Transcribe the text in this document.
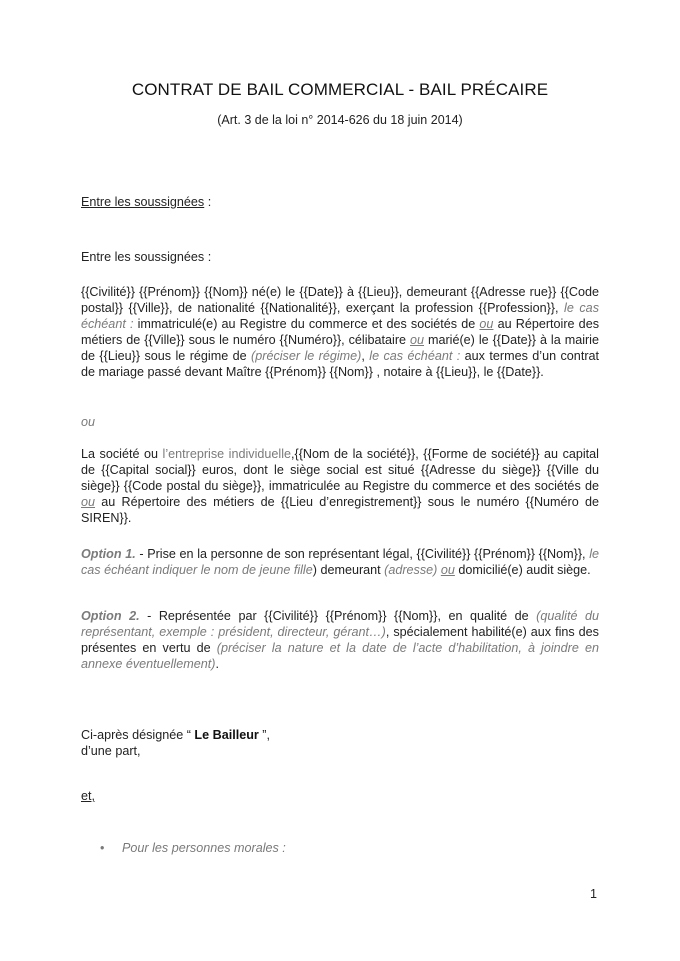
CONTRAT DE BAIL COMMERCIAL - BAIL PRÉCAIRE
(Art. 3 de la loi n° 2014-626 du 18 juin 2014)
Entre les soussignées :
Entre les soussignées :
{{Civilité}} {{Prénom}} {{Nom}} né(e) le {{Date}} à {{Lieu}}, demeurant {{Adresse rue}} {{Code postal}} {{Ville}}, de nationalité {{Nationalité}}, exerçant la profession {{Profession}}, le cas échéant : immatriculé(e) au Registre du commerce et des sociétés de ou au Répertoire des métiers de {{Ville}} sous le numéro {{Numéro}}, célibataire ou marié(e) le {{Date}} à la mairie de {{Lieu}} sous le régime de (préciser le régime), le cas échéant : aux termes d’un contrat de mariage passé devant Maître {{Prénom}} {{Nom}} , notaire à {{Lieu}}, le {{Date}}.
ou
La société ou l’entreprise individuelle,{{Nom de la société}}, {{Forme de société}} au capital de {{Capital social}} euros, dont le siège social est situé {{Adresse du siège}} {{Ville du siège}} {{Code postal du siège}}, immatriculée au Registre du commerce et des sociétés de ou au Répertoire des métiers de {{Lieu d’enregistrement}} sous le numéro {{Numéro de SIREN}}.
Option 1. - Prise en la personne de son représentant légal, {{Civilité}} {{Prénom}} {{Nom}}, le cas échéant indiquer le nom de jeune fille) demeurant (adresse) ou domicilié(e) audit siège.
Option 2. - Représentée par {{Civilité}} {{Prénom}} {{Nom}}, en qualité de (qualité du représentant, exemple : président, directeur, gérant…), spécialement habilité(e) aux fins des présentes en vertu de (préciser la nature et la date de l’acte d’habilitation, à joindre en annexe éventuellement).
Ci-après désignée “ Le Bailleur ”,
d’une part,
et,
• Pour les personnes morales :
1
